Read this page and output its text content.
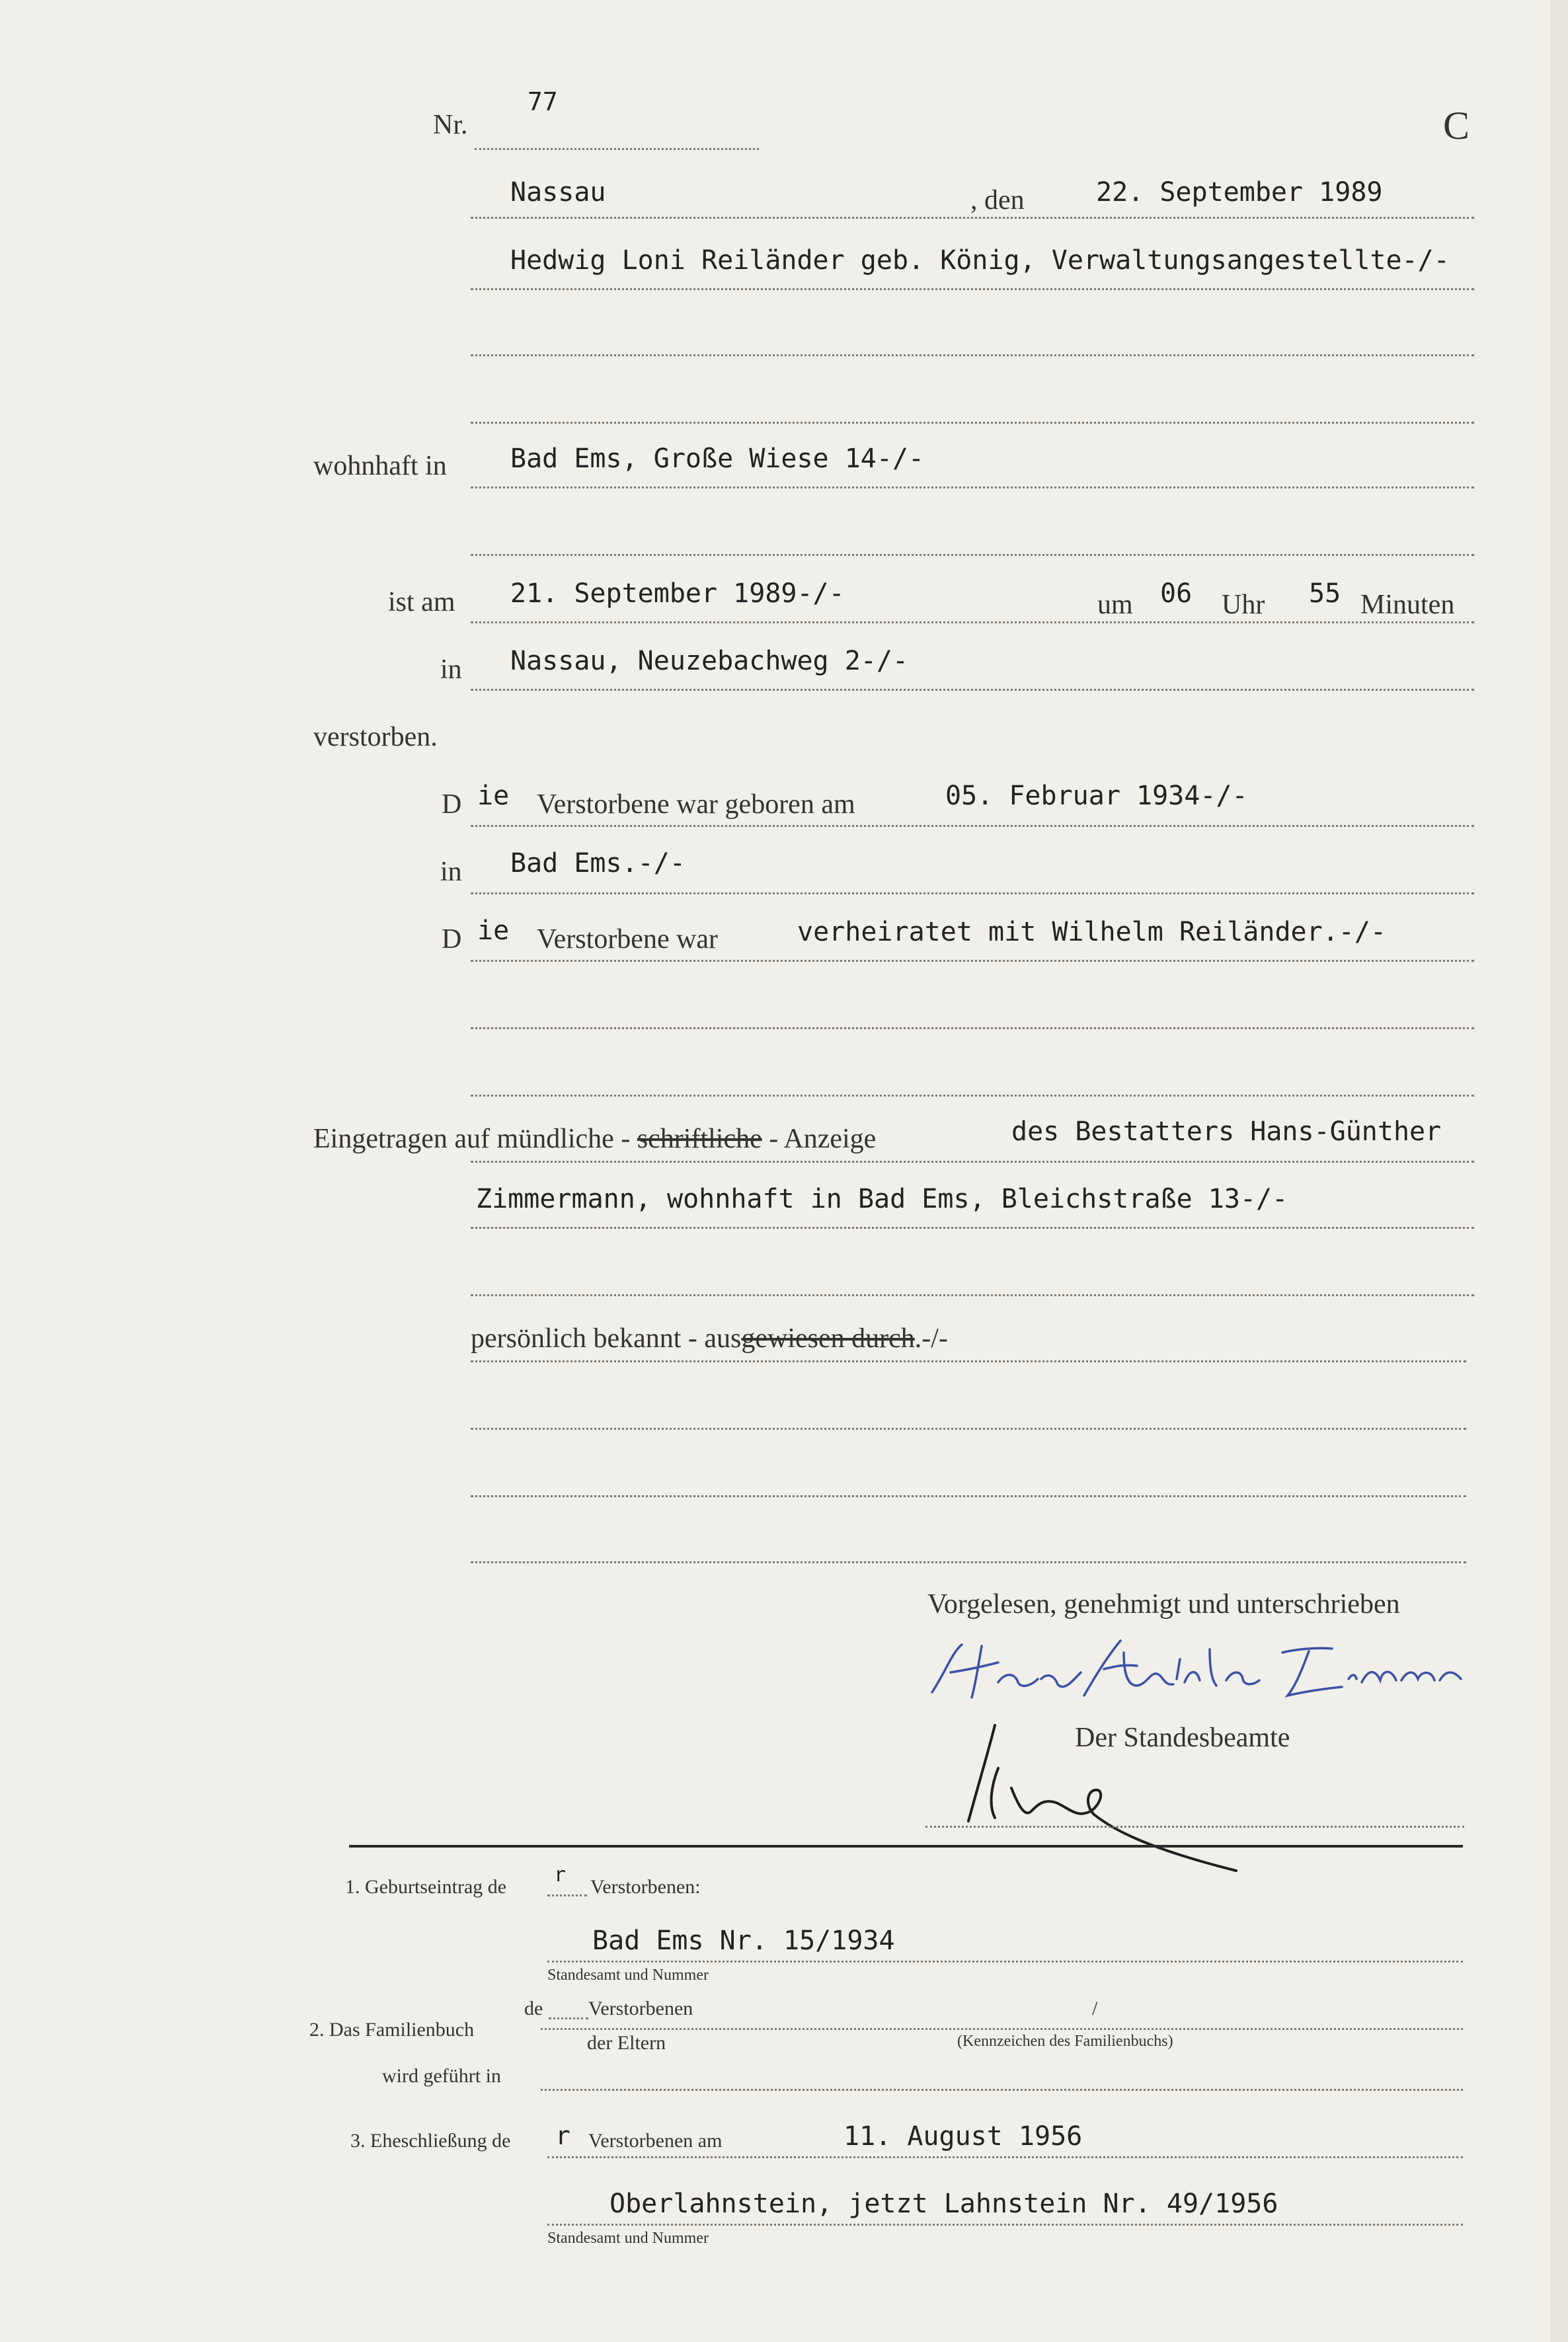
Nr.
77
C
Nassau	, den	22. September 1989
Hedwig Loni Reiländer geb. König, Verwaltungsangestellte-/-
wohnhaft in Bad Ems, Große Wiese 14-/-
ist am 21. September 1989-/-	um 06 Uhr 55 Minuten
in Nassau, Neuzebachweg 2-/-
verstorben.
D ie Verstorbene war geboren am	05. Februar 1934-/-
in Bad Ems.-/-
D ie Verstorbene war	verheiratet mit Wilhelm Reiländer.-/-
Eingetragen auf mündliche - schriftliche - Anzeige	des Bestatters Hans-Günther
Zimmermann, wohnhaft in Bad Ems, Bleichstraße 13-/-
persönlich bekannt - ausgewiesen durch.-/-
Vorgelesen, genehmigt und unterschrieben
Der Standesbeamte
1. Geburtseintrag de
r
Verstorbenen:
Bad Ems Nr. 15/1934
Standesamt und Nummer
de Verstorbenen	/
2. Das Familienbuch
der Eltern	(Kennzeichen des Familienbuchs)
wird geführt in
3. Eheschließung de r Verstorbenen am	11. August 1956
Oberlahnstein, jetzt Lahnstein Nr. 49/1956
Standesamt und Nummer
